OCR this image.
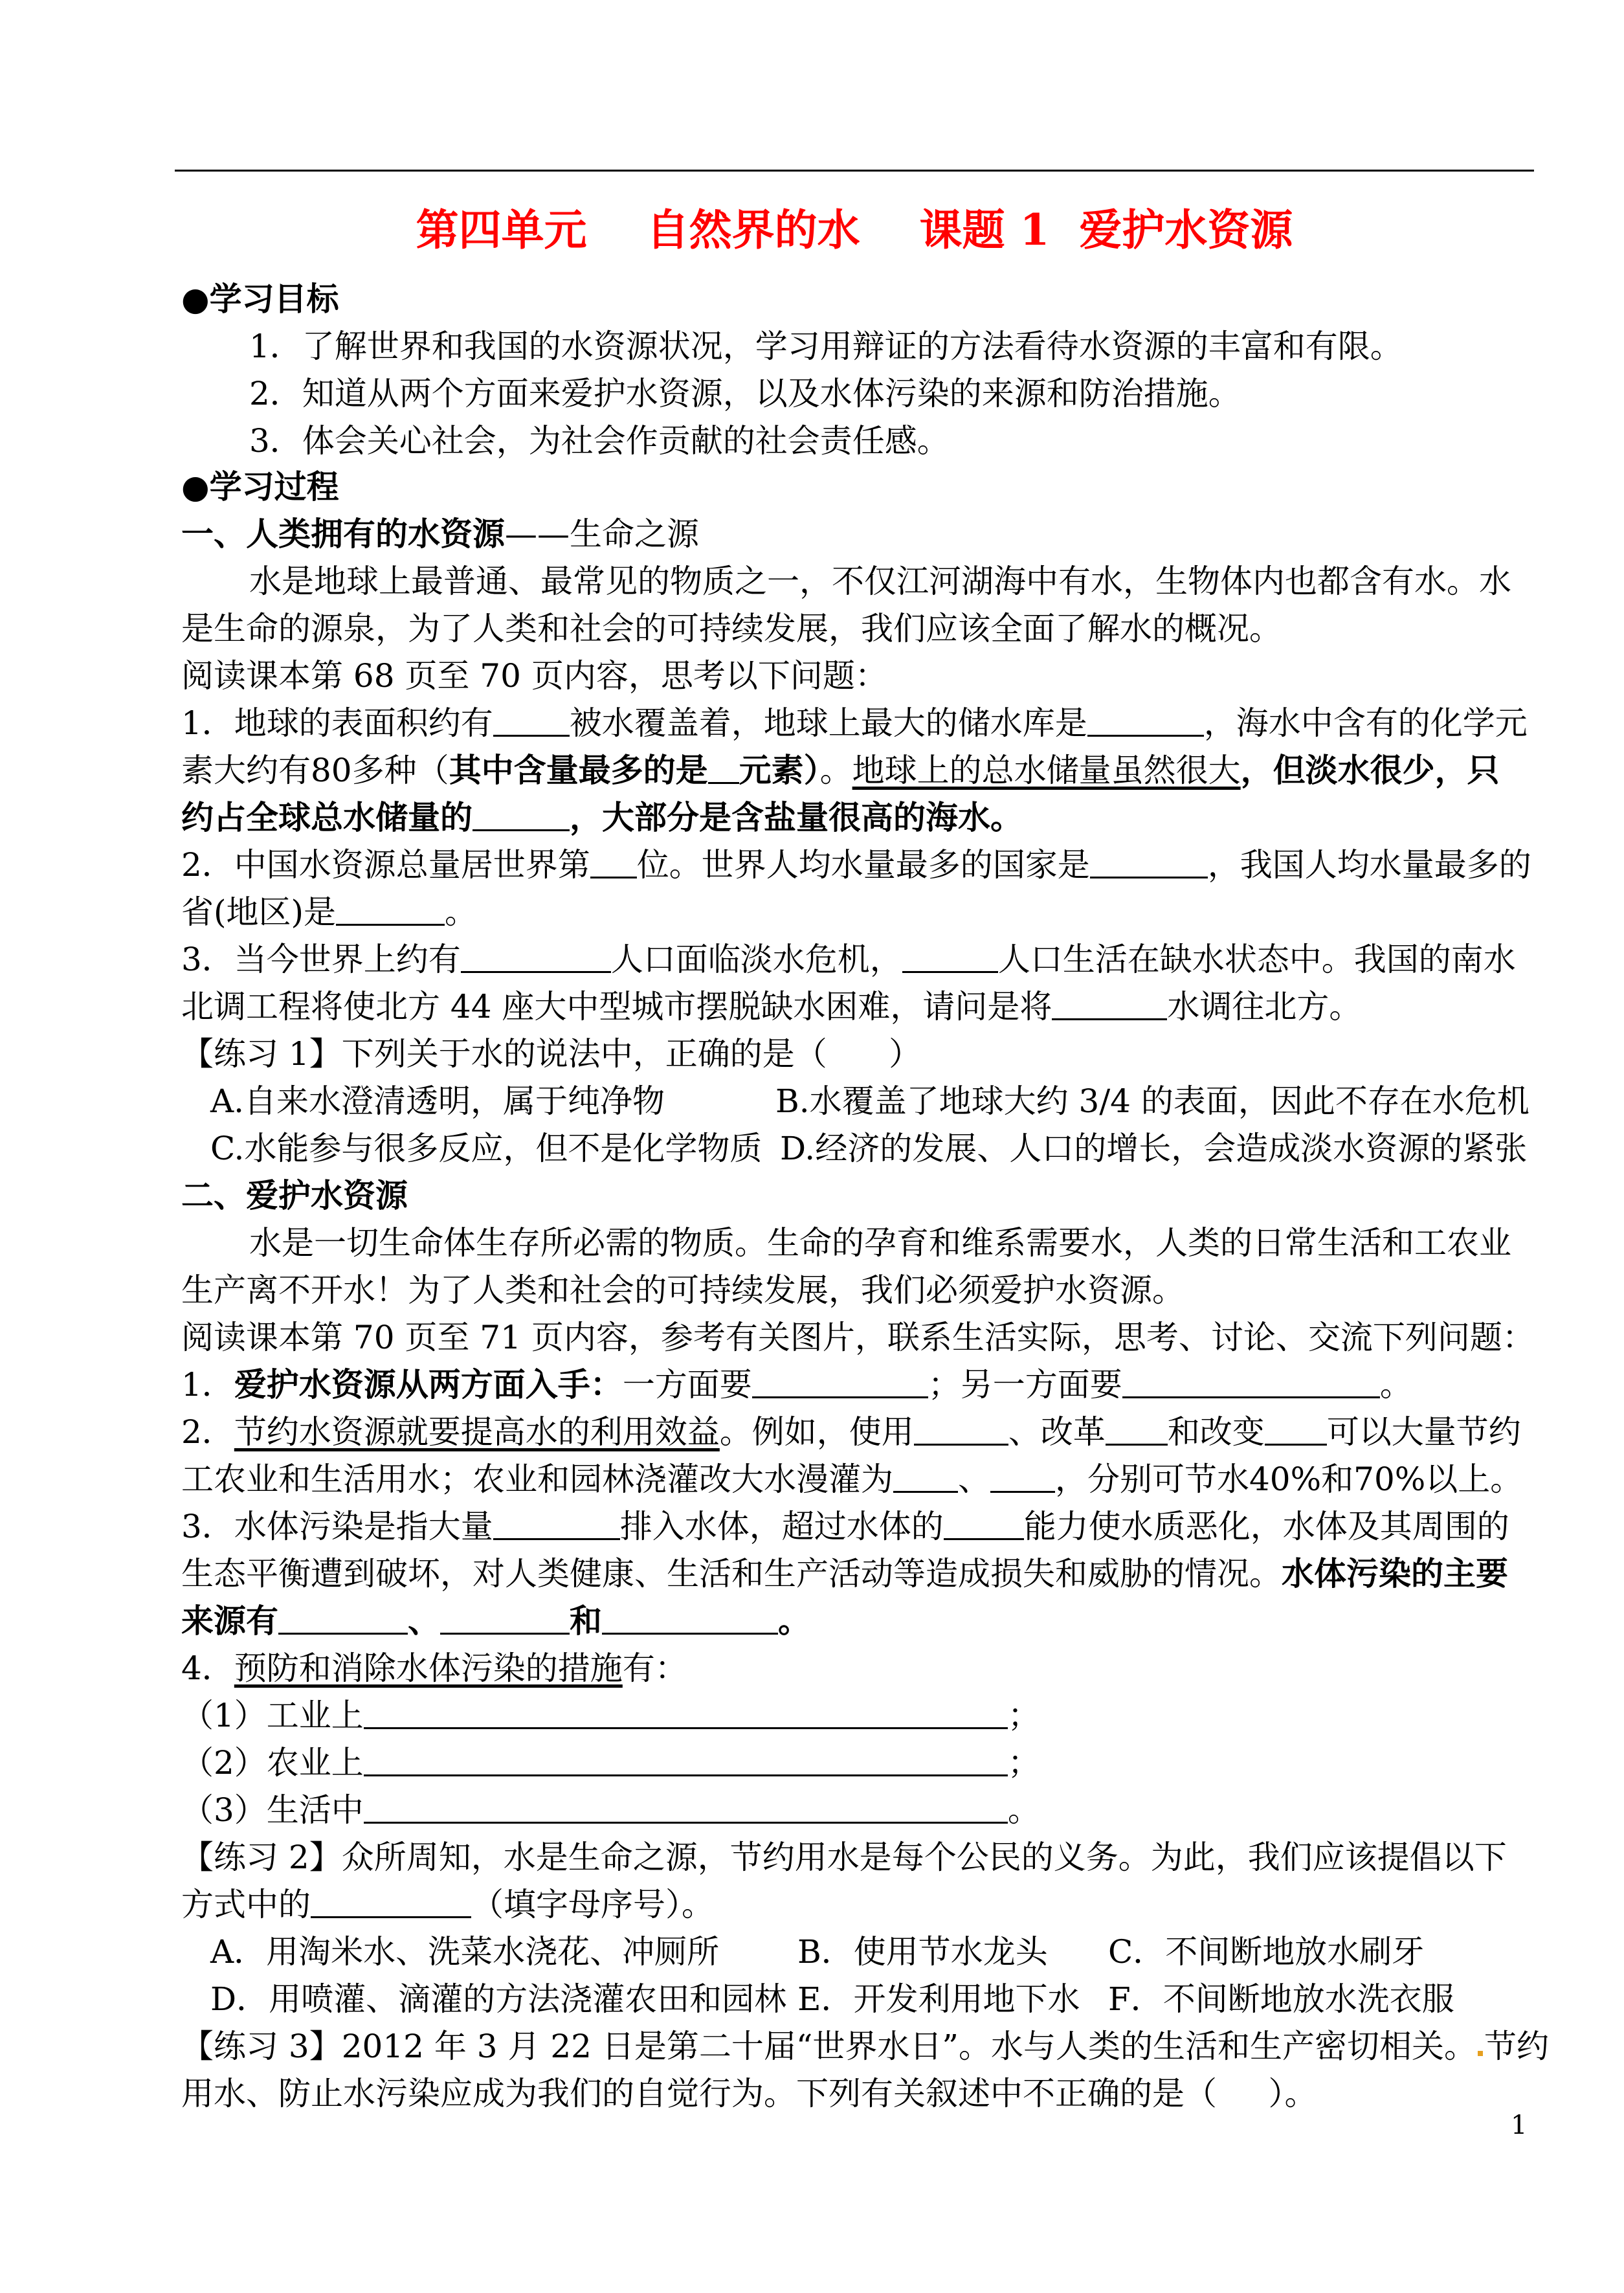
第四单元    自然界的水    课题 1  爱护水资源
●学习目标
1．了解世界和我国的水资源状况，学习用辩证的方法看待水资源的丰富和有限。
2．知道从两个方面来爱护水资源，以及水体污染的来源和防治措施。
3．体会关心社会，为社会作贡献的社会责任感。
●学习过程
一、人类拥有的水资源——生命之源
水是地球上最普通、最常见的物质之一，不仅江河湖海中有水，生物体内也都含有水。水
是生命的源泉，为了人类和社会的可持续发展，我们应该全面了解水的概况。
阅读课本第 68 页至 70 页内容，思考以下问题：
1．地球的表面积约有 被水覆盖着，地球上最大的储水库是	，海水中含有的化学元
素大约有80多种（其中含量最多的是 元素）。地球上的总水储量虽然很大，但淡水很少，只
约占全球总水储量的	，大部分是含盐量很高的海水。
2．中国水资源总量居世界第 位。世界人均水量最多的国家是	，我国人均水量最多的
省(地区)是	。
3．当今世界上约有	人口面临淡水危机，	人口生活在缺水状态中。我国的南水
北调工程将使北方 44 座大中型城市摆脱缺水困难，请问是将	水调往北方。
【练习 1】下列关于水的说法中，正确的是（      ）
A.自来水澄清透明，属于纯净物	B.水覆盖了地球大约 3/4 的表面，因此不存在水危机
C.水能参与很多反应，但不是化学物质 D.经济的发展、人口的增长，会造成淡水资源的紧张
二、爱护水资源
水是一切生命体生存所必需的物质。生命的孕育和维系需要水，人类的日常生活和工农业
生产离不开水！为了人类和社会的可持续发展，我们必须爱护水资源。
阅读课本第 70 页至 71 页内容，参考有关图片，联系生活实际，思考、讨论、交流下列问题：
1．爱护水资源从两方面入手：一方面要	；另一方面要	。
2．节约水资源就要提高水的利用效益。例如，使用	、改革 和改变 可以大量节约
工农业和生活用水；农业和园林浇灌改大水漫灌为 、 ，分别可节水40%和70%以上。
3．水体污染是指大量	排入水体，超过水体的 能力使水质恶化，水体及其周围的
生态平衡遭到破坏，对人类健康、生活和生产活动等造成损失和威胁的情况。水体污染的主要
来源有	、	和	。
4．预防和消除水体污染的措施有：
（1）工业上	；
（2）农业上	；
（3）生活中	。
【练习 2】众所周知，水是生命之源，节约用水是每个公民的义务。为此，我们应该提倡以下
方式中的	（填字母序号）。
A．用淘米水、洗菜水浇花、冲厕所	B．使用节水龙头	C．不间断地放水刷牙
D．用喷灌、滴灌的方法浇灌农田和园林 E．开发利用地下水 F．不间断地放水洗衣服
【练习 3】2012 年 3 月 22 日是第二十届“世界水日”。水与人类的生活和生产密切相关。 节约
用水、防止水污染应成为我们的自觉行为。下列有关叙述中不正确的是（     ）。
1
